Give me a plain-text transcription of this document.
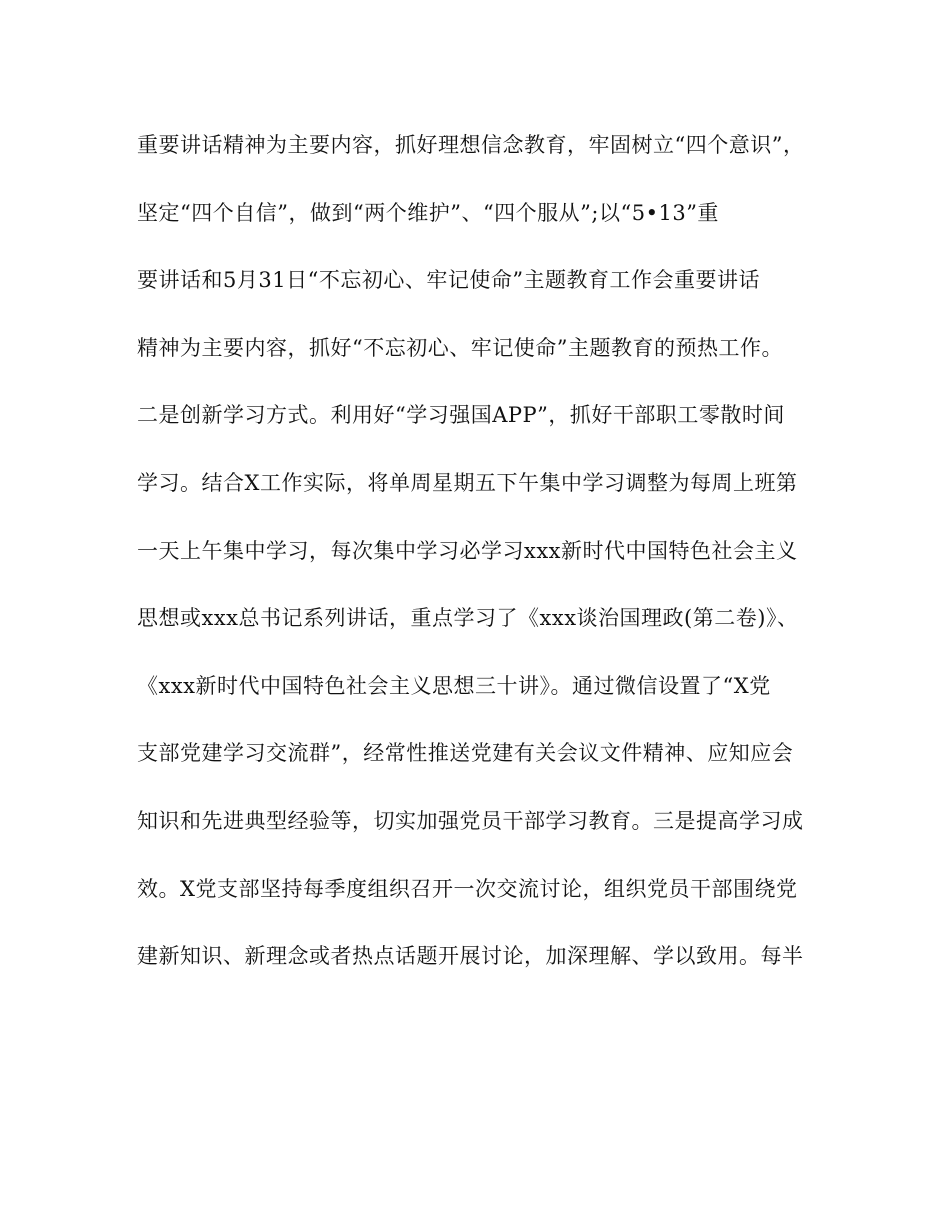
重要讲话精神为主要内容，抓好理想信念教育，牢固树立“四个意识”，
坚定“四个自信”，做到“两个维护”、“四个服从”;以“5•13”重
要讲话和5月31日“不忘初心、牢记使命”主题教育工作会重要讲话
精神为主要内容，抓好“不忘初心、牢记使命”主题教育的预热工作。
二是创新学习方式。利用好“学习强国APP”，抓好干部职工零散时间
学习。结合X工作实际，将单周星期五下午集中学习调整为每周上班第
一天上午集中学习，每次集中学习必学习xxx新时代中国特色社会主义
思想或xxx总书记系列讲话，重点学习了《xxx谈治国理政(第二卷)》、
《xxx新时代中国特色社会主义思想三十讲》。通过微信设置了“X党
支部党建学习交流群”，经常性推送党建有关会议文件精神、应知应会
知识和先进典型经验等，切实加强党员干部学习教育。三是提高学习成
效。X党支部坚持每季度组织召开一次交流讨论，组织党员干部围绕党
建新知识、新理念或者热点话题开展讨论，加深理解、学以致用。每半
